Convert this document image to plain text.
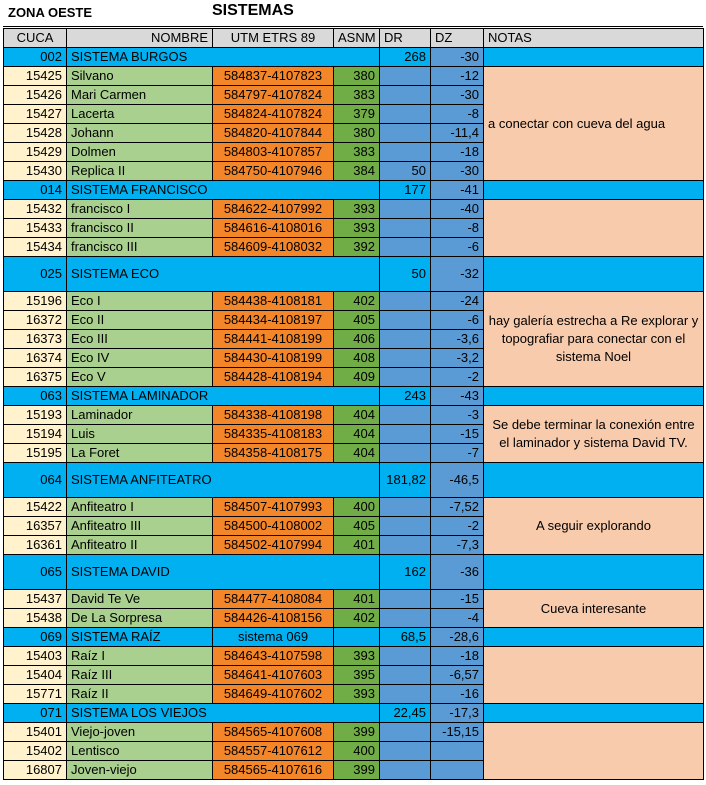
ZONA OESTE	SISTEMAS
CUCA	NOMBRE	UTM ETRS 89	ASNM	DR	DZ	NOTAS
002	SISTEMA BURGOS			268	-30	
15425	Silvano	584837-4107823	380		-12	a conectar con cueva del agua
15426	Mari Carmen	584797-4107824	383		-30	
15427	Lacerta	584824-4107824	379		-8	
15428	Johann	584820-4107844	380		-11,4	
15429	Dolmen	584803-4107857	383		-18	
15430	Replica II	584750-4107946	384	50	-30	
014	SISTEMA FRANCISCO			177	-41	
15432	francisco I	584622-4107992	393		-40	
15433	francisco II	584616-4108016	393		-8	
15434	francisco III	584609-4108032	392		-6	
025	SISTEMA ECO			50	-32	
15196	Eco I	584438-4108181	402		-24	hay galería estrecha a Re explorar y topografiar para conectar con el sistema Noel
16372	Eco II	584434-4108197	405		-6	
16373	Eco III	584441-4108199	406		-3,6	
16374	Eco IV	584430-4108199	408		-3,2	
16375	Eco V	584428-4108194	409		-2	
063	SISTEMA LAMINADOR			243	-43	
15193	Laminador	584338-4108198	404		-3	Se debe terminar la conexión entre el laminador y sistema David TV.
15194	Luis	584335-4108183	404		-15	
15195	La Foret	584358-4108175	404		-7	
064	SISTEMA ANFITEATRO			181,82	-46,5	
15422	Anfiteatro I	584507-4107993	400		-7,52	A seguir explorando
16357	Anfiteatro III	584500-4108002	405		-2	
16361	Anfiteatro II	584502-4107994	401		-7,3	
065	SISTEMA DAVID			162	-36	
15437	David Te Ve	584477-4108084	401		-15	Cueva interesante
15438	De La Sorpresa	584426-4108156	402		-4	
069	SISTEMA RAÍZ	sistema 069		68,5	-28,6	
15403	Raíz I	584643-4107598	393		-18	
15404	Raíz III	584641-4107603	395		-6,57	
15771	Raíz II	584649-4107602	393		-16	
071	SISTEMA LOS VIEJOS			22,45	-17,3	
15401	Viejo-joven	584565-4107608	399		-15,15	
15402	Lentisco	584557-4107612	400			
16807	Joven-viejo	584565-4107616	399			
